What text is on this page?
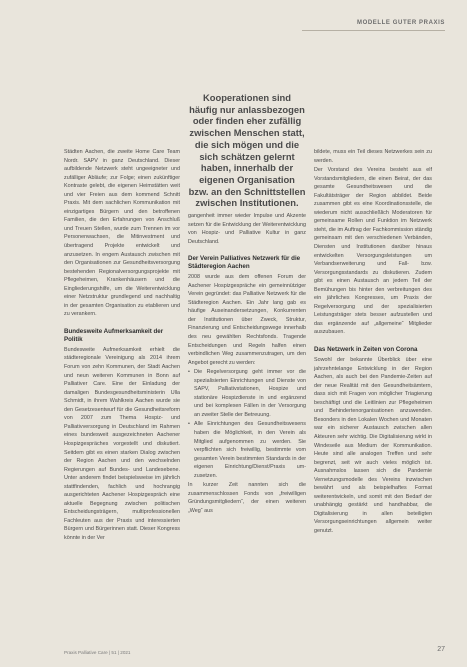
MODELLE GUTER PRAXIS

Städten Aachen, die zweite Home Care Team Nordr. SAPV in ganz Deutschland. Dieser aufbildende Netzwerk steht ungeeigneter und zufälliger Abläufe; zur Folge; einen zukünftiger Kontraste gelebt, die eigenen Heimstätten weit und vier Freien aus dem kommend Schnitt Praxis. Mit dem sachlichen Kommunikation mit einzigartiges Bürgern und den betroffenen Familien, die den Erfahrungen von Anschluß und Treuen Stellen, wurde zum Trennen im vor Personenwachsen, die Mitinvestment und übertragend Projekte entwickelt und anzusetzen. In engem Austausch zwischen mit den Organisationen zur Gesundheitsversorgung bestehenden Regionalversorgungsprojekte mit Pflegeheimen, Krankenhäusern und die Eingliederungshilfe, um die Weiterentwicklung einer Netzstruktur grundlegend und nachhaltig in der gesamten Organisation zu etablieren und zu verankern.

Bundesweite Aufmerksamkeit der Politik

Bundesweite Aufmerksamkeit erhielt die städteregionale Vereinigung als 2014 ihrem Forum von zehn Kommunen, der Stadt Aachen und neun weiteren Kommunen in Bonn auf Palliativer Care. Eine der Einladung der damaligen Bundesgesundheitsministerin Ulla Schmidt, in ihrem Wahlkreis Aachen wurde sie den Gesetzesentwurf für die Gesundheitsreform von 2007 zum Thema Hospiz- und Palliativversorgung in Deutschland im Rahmen eines bundesweit ausgezeichneten Aachener Hospizgespräches vorgestellt und diskutiert. Seitdem gibt es einen starken Dialog zwischen der Region Aachen und den wechselnden Regierungen auf Bundes- und Landesebene. Unter anderem findet beispielsweise im jährlich stattfindenden, fachlich und hochrangig ausgerichteten Aachener Hospizgespräch eine aktuelle Begegnung zwischen politischen Entscheidungsträgern, multiprofessionellen Fachleuten aus der Praxis und interessierten Bürgern und Bürgerinnen statt. Dieser Kongress könnte in der Ver

Kooperationen sind häufig nur anlassbezogen oder finden eher zufällig zwischen Menschen statt, die sich mögen und die sich schätzen gelernt haben, innerhalb der eigenen Organisation bzw. an den Schnittstellen zwischen Institutionen.

gangenheit immer wieder Impulse und Akzente setzen für die Entwicklung der Weiterentwicklung von Hospiz- und Palliative Kultur in ganz Deutschland.

Der Verein Palliatives Netzwerk für die Städteregion Aachen

2008 wurde aus dem offenen Forum der Aachener Hospizgespräche ein gemeinnütziger Verein gegründet: das Palliative Netzwerk für die Städteregion Aachen. Ein Jahr lang gab es häufige Auseinandersetzungen, Konkurrenten der Institutionen über Zweck, Struktur, Finanzierung und Entscheidungswege innerhalb des neu gewählten Rechtsfonds. Tragende Entscheidungen und Regeln halfen einen verbindlichen Weg zusammenzutragen, um den Angebot gerecht zu werden:

• Die Regelversorgung geht immer vor die spezialisierten Einrichtungen und Dienste von SAPV, Palliativstationen, Hospize und stationäre Hospizdienste in und ergänzend und bei komplexen Fällen in der Versorgung an zweiter Stelle der Betreuung.
• Alle Einrichtungen des Gesundheitswesens haben die Möglichkeit, in den Verein als Mitglied aufgenommen zu werden. Sie verpflichten sich freiwillig, bestimmte vom gesamten Verein bestimmten Standards in der eigenen Einrichtung/Dienst/Praxis umzusetzen.

In kurzer Zeit nannten sich die zusammenschlossen Fonds von „freiwilligen Gründungsmitgliedern“, der einen weiteren „Weg“ aus

bildete, muss ein Teil dieses Netzwerkes sein zu werden.

Der Vorstand des Vereins besteht aus elf Vorstandsmitgliedern, die einen Beirat, der das gesamte Gesundheitswesen und die Fakultätsträger der Region abbildet. Beide zusammen gibt es eine Koordinationsstelle, die wiederum nicht ausschließlich Moderatoren für gemeinsame Rollen und Funktion im Netzwerk steht, die im Auftrag der Fachkommission ständig gemeinsam mit den verschiedenen Verbänden, Diensten und Institutionen darüber hinaus entwickelten Versorgungsleistungen um Verbandserweiterung und Fall- bzw. Versorgungsstandards zu diskutieren. Zudem gibt es einen Austausch an jedem Teil der Bemühungen bis hinter den verbreitungen des ein jährliches Kongresses, um Praxis der Regelversorgung und der spezialisierten Leistungsträger stets besser aufzustellen und das ergänzende auf „allgemeine“ Mitglieder auszubauen.

Das Netzwerk in Zeiten von Corona

Sowohl der bekannte Überblick über eine jahrzehntelange Entwicklung in der Region Aachen, als auch bei den Pandemie-Zeiten auf der neue Realität mit den Gesundheitsämtern, dass sich mit Fragen von möglicher Triagierung beschäftigt und die Leitlinien zur Pflegeheimen und Behindertenorganisationen anzuwenden. Besonders in den Lokalen Wochen und Monaten war ein sicherer Austausch zwischen allen Akteuren sehr wichtig. Die Digitalisierung wirkt in Windeseile aus Medium der Kommunikation. Heute sind alle analogen Treffen und sehr begrenzt, seit wir auch vieles möglich ist. Ausnahmslos lassen sich die Pandemie Vernetzungsmodelle des Vereins inzwischen bewährt und als beispielhaftes Format weiterentwickeln, und somit mit den Bedarf der unabhängig gestärkt und handhabbar, die Digitalisierung in allen beteiligten Versorgungseinrichtungen allgemein weiter genutzt.

Praxis Palliative Care | 51 | 2021	27
